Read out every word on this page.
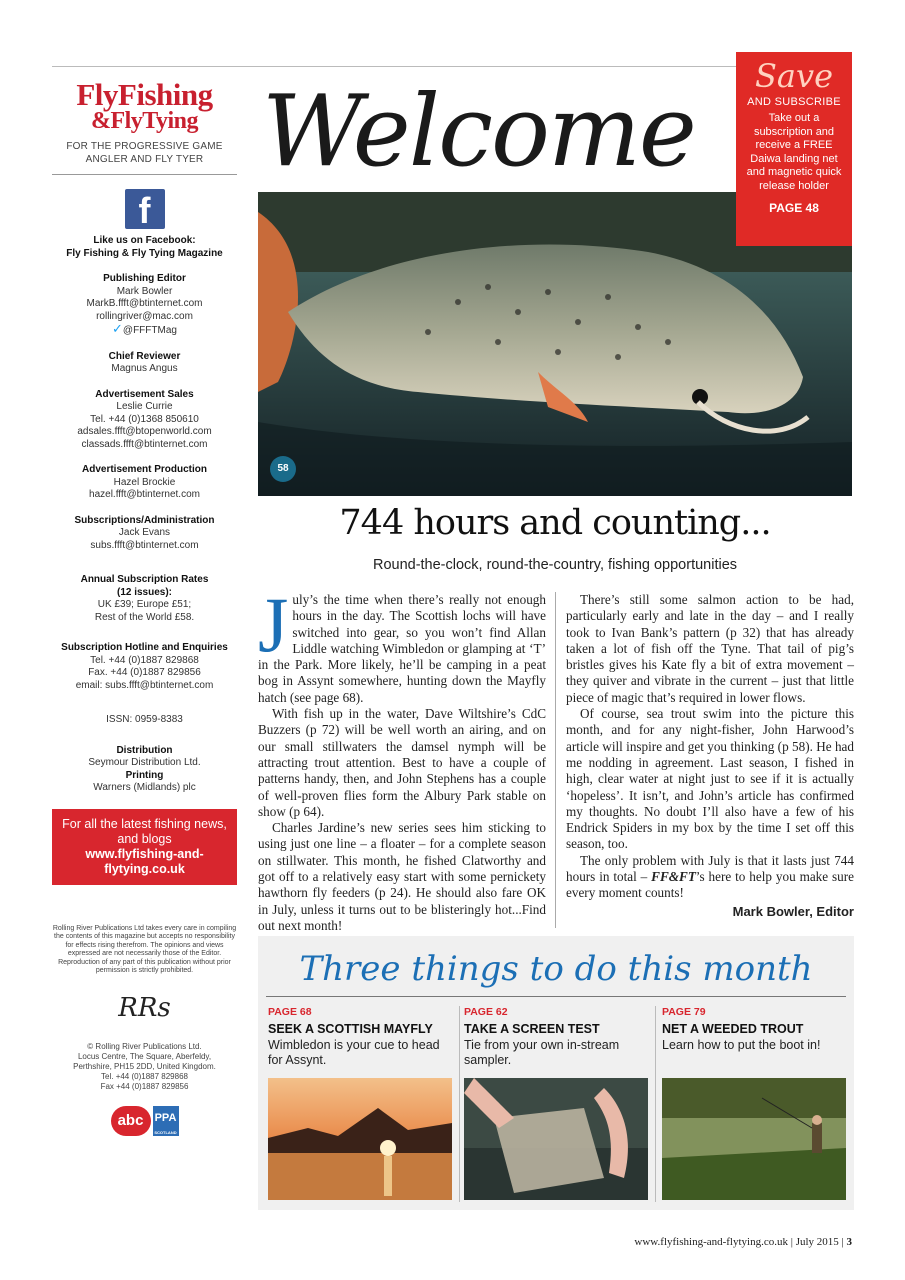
FlyFishing
&FlyTying
FOR THE PROGRESSIVE GAME
ANGLER AND FLY TYER
f
Like us on Facebook:
Fly Fishing & Fly Tying Magazine
Publishing Editor
Mark Bowler
MarkB.ffft@btinternet.com
rollingriver@mac.com
✓@FFFTMag
Chief Reviewer
Magnus Angus
Advertisement Sales
Leslie Currie
Tel. +44 (0)1368 850610
adsales.ffft@btopenworld.com
classads.ffft@btinternet.com
Advertisement Production
Hazel Brockie
hazel.ffft@btinternet.com
Subscriptions/Administration
Jack Evans
subs.ffft@btinternet.com
Annual Subscription Rates
(12 issues):
UK £39; Europe £51;
Rest of the World £58.
Subscription Hotline and Enquiries
Tel. +44 (0)1887 829868
Fax. +44 (0)1887 829856
email: subs.ffft@btinternet.com
ISSN: 0959-8383
Distribution
Seymour Distribution Ltd.
Printing
Warners (Midlands) plc
For all the latest fishing news, and blogs
www.flyfishing-and-flytying.co.uk
Rolling River Publications Ltd takes every care in compiling the contents of this magazine but accepts no responsibility for effects rising therefrom. The opinions and views expressed are not necessarily those of the Editor. Reproduction of any part of this publication without prior permission is strictly prohibited.
RRs
© Rolling River Publications Ltd.
Locus Centre, The Square, Aberfeldy,
Perthshire, PH15 2DD, United Kingdom.
Tel. +44 (0)1887 829868
Fax +44 (0)1887 829856
abc PPA
SCOTLAND
Welcome
58
Save
AND SUBSCRIBE
Take out a subscription and receive a FREE Daiwa landing net and magnetic quick release holder
PAGE 48
744 hours and counting...
Round-the-clock, round-the-country, fishing opportunities

July’s the time when there’s really not enough hours in the day. The Scottish lochs will have switched into gear, so you won’t find Allan Liddle watching Wimbledon or glamping at ‘T’ in the Park. More likely, he’ll be camping in a peat bog in Assynt somewhere, hunting down the Mayfly hatch (see page 68).

With fish up in the water, Dave Wiltshire’s CdC Buzzers (p 72) will be well worth an airing, and on our small stillwaters the damsel nymph will be attracting trout attention. Best to have a couple of patterns handy, then, and John Stephens has a couple of well-proven flies form the Albury Park stable on show (p 64).

Charles Jardine’s new series sees him sticking to using just one line – a floater – for a complete season on stillwater. This month, he fished Clatworthy and got off to a relatively easy start with some pernickety hawthorn fly feeders (p 24). He should also fare OK in July, unless it turns out to be blisteringly hot...Find out next month!

There’s still some salmon action to be had, particularly early and late in the day – and I really took to Ivan Bank’s pattern (p 32) that has already taken a lot of fish off the Tyne. That tail of pig’s bristles gives his Kate fly a bit of extra movement – they quiver and vibrate in the current – just that little piece of magic that’s required in lower flows.

Of course, sea trout swim into the picture this month, and for any night-fisher, John Harwood’s article will inspire and get you thinking (p 58). He had me nodding in agreement. Last season, I fished in high, clear water at night just to see if it is actually ‘hopeless’. It isn’t, and John’s article has confirmed my thoughts. No doubt I’ll also have a few of his Endrick Spiders in my box by the time I set off this season, too.

The only problem with July is that it lasts just 744 hours in total – FF&FT’s here to help you make sure every moment counts!

Mark Bowler, Editor
Three things to do this month
PAGE 68
SEEK A SCOTTISH MAYFLY
Wimbledon is your cue to head for Assynt.
PAGE 62
TAKE A SCREEN TEST
Tie from your own in-stream sampler.
PAGE 79
NET A WEEDED TROUT
Learn how to put the boot in!
www.flyfishing-and-flytying.co.uk | July 2015 | 3
